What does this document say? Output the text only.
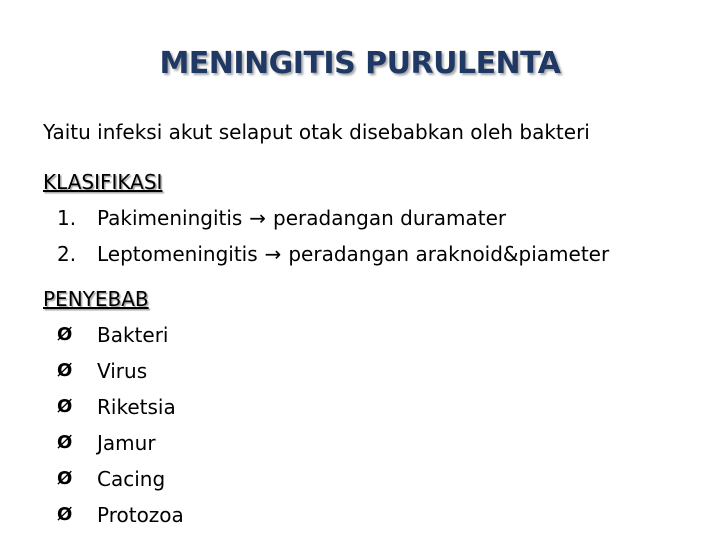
MENINGITIS PURULENTA
Yaitu infeksi akut selaput otak disebabkan oleh bakteri
KLASIFIKASI
1.	Pakimeningitis → peradangan duramater
2.	Leptomeningitis → peradangan araknoid&piameter
PENYEBAB
Ø	Bakteri
Ø	Virus
Ø	Riketsia
Ø	Jamur
Ø	Cacing
Ø	Protozoa
